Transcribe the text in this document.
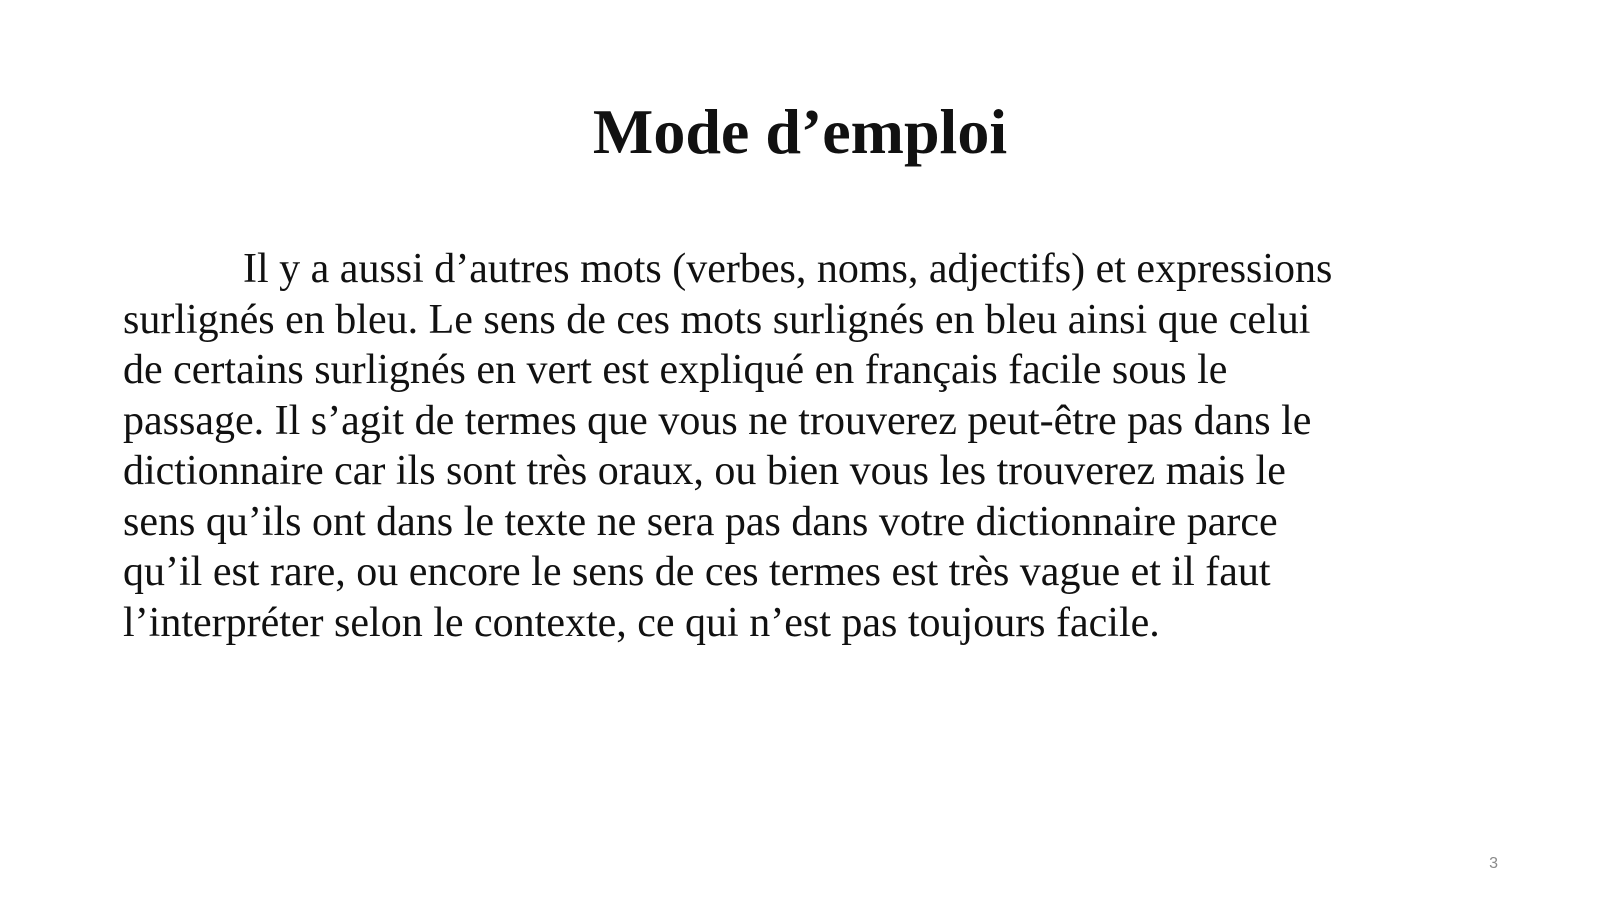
Mode d’emploi

Il y a aussi d’autres mots (verbes, noms, adjectifs) et expressions
surlignés en bleu. Le sens de ces mots surlignés en bleu ainsi que celui
de certains surlignés en vert est expliqué en français facile sous le
passage. Il s’agit de termes que vous ne trouverez peut-être pas dans le
dictionnaire car ils sont très oraux, ou bien vous les trouverez mais le
sens qu’ils ont dans le texte ne sera pas dans votre dictionnaire parce
qu’il est rare, ou encore le sens de ces termes est très vague et il faut
l’interpréter selon le contexte, ce qui n’est pas toujours facile.

3
